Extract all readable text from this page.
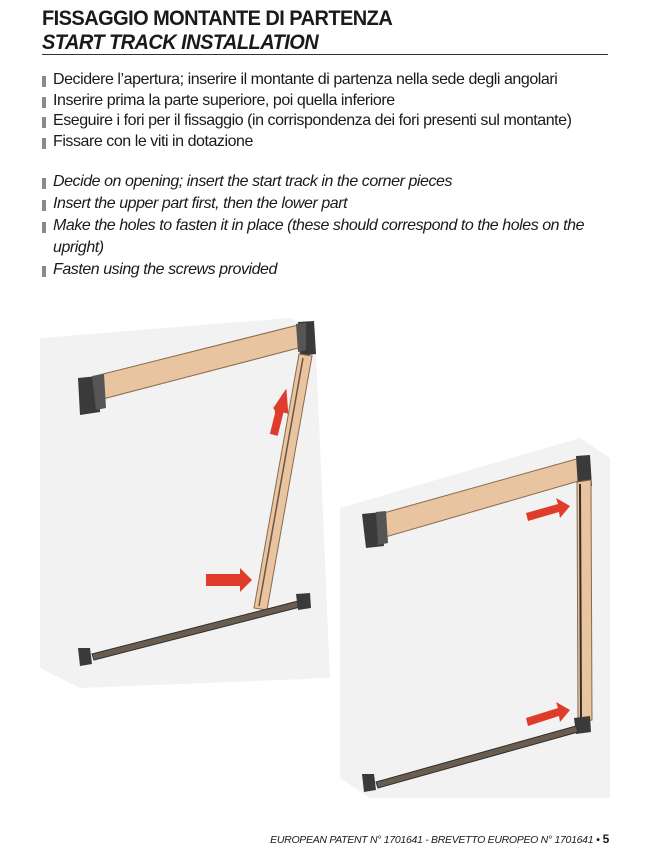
FISSAGGIO MONTANTE DI PARTENZA
START TRACK INSTALLATION
Decidere l’apertura; inserire il montante di partenza nella sede degli angolari
Inserire prima la parte superiore, poi quella inferiore
Eseguire i fori per il fissaggio (in corrispondenza dei fori presenti sul montante)
Fissare con le viti in dotazione
Decide on opening; insert the start track in the corner pieces
Insert the upper part first, then the lower part
Make the holes to fasten it in place (these should correspond to the holes on the upright)
Fasten using the screws provided
EUROPEAN PATENT N° 1701641 - BREVETTO EUROPEO N° 1701641 • 5
